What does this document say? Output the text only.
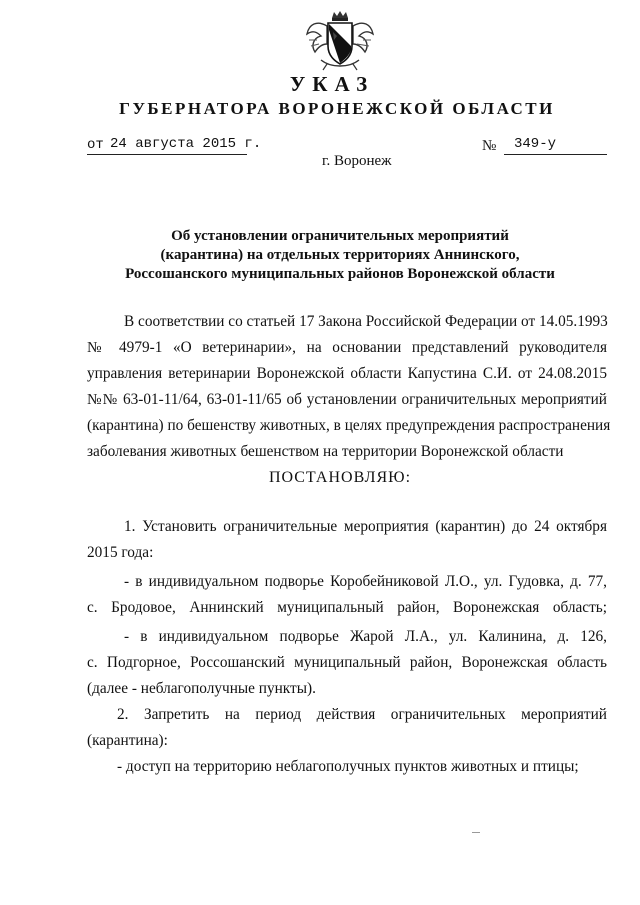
УКАЗ
ГУБЕРНАТОРА ВОРОНЕЖСКОЙ ОБЛАСТИ
от 24 августа 2015 г.	№ 349-у
г. Воронеж
Об установлении ограничительных мероприятий
(карантина) на отдельных территориях Аннинского,
Россошанского муниципальных районов Воронежской области
В соответствии со статьей 17 Закона Российской Федерации от 14.05.1993
№ 4979-1 «О ветеринарии», на основании представлений руководителя
управления ветеринарии Воронежской области Капустина С.И. от 24.08.2015
№№ 63-01-11/64, 63-01-11/65 об установлении ограничительных мероприятий
(карантина) по бешенству животных, в целях предупреждения распространения
заболевания животных бешенством на территории Воронежской области
ПОСТАНОВЛЯЮ:
1. Установить ограничительные мероприятия (карантин) до 24 октября
2015 года:
- в индивидуальном подворье Коробейниковой Л.О., ул. Гудовка, д. 77,
с. Бродовое, Аннинский муниципальный район, Воронежская область;
- в индивидуальном подворье Жарой Л.А., ул. Калинина, д. 126,
с. Подгорное, Россошанский муниципальный район, Воронежская область
(далее - неблагополучные пункты).
2. Запретить на период действия ограничительных мероприятий
(карантина):
- доступ на территорию неблагополучных пунктов животных и птицы;
